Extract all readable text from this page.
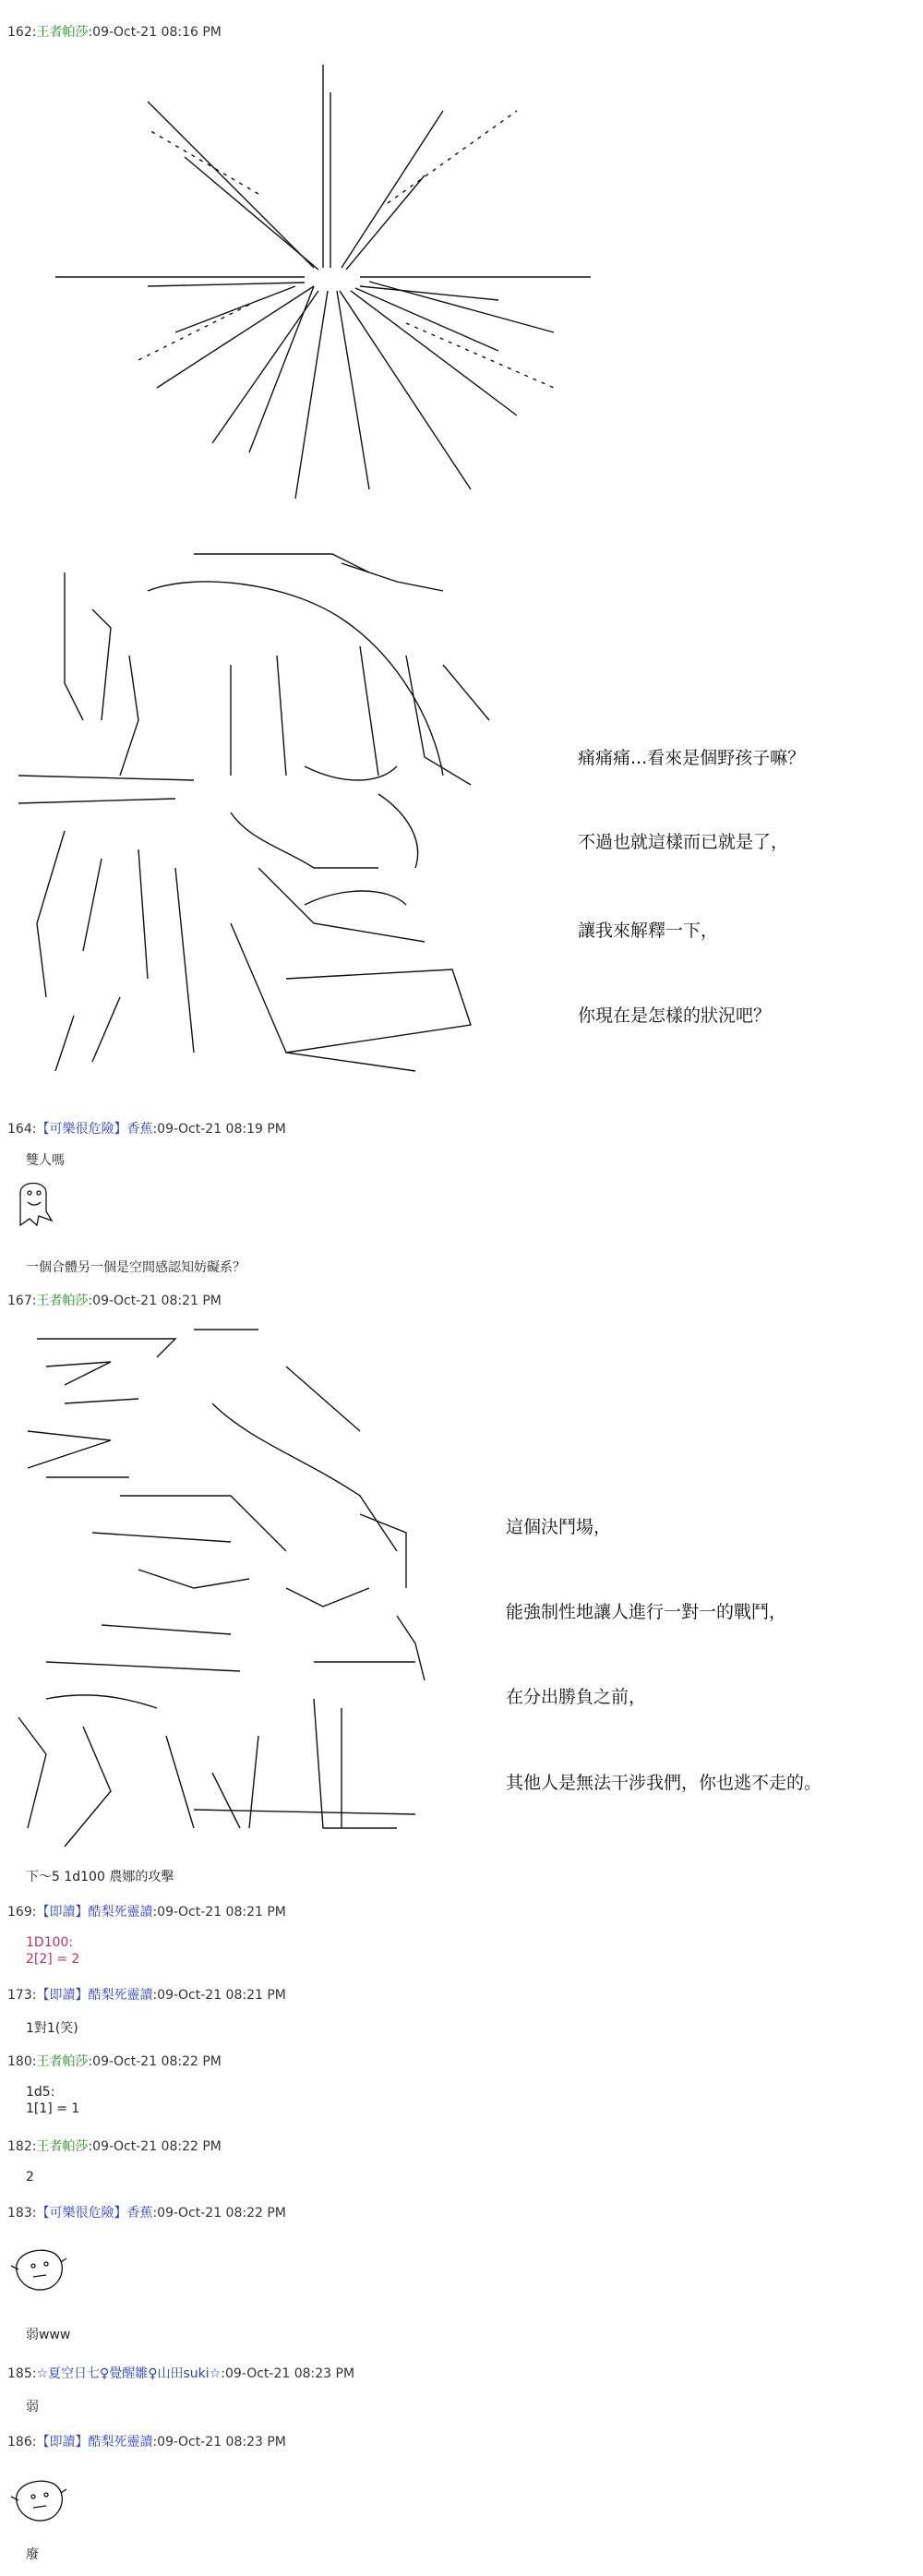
162:王者帕莎:09-Oct-21 08:16 PM
痛痛痛...看來是個野孩子嘛？
不過也就這樣而已就是了，
讓我來解釋一下，
你現在是怎樣的狀況吧？
164:【可樂很危險】香蕉:09-Oct-21 08:19 PM
雙人嗎
一個合體另一個是空間感認知妨礙系？
167:王者帕莎:09-Oct-21 08:21 PM
這個決鬥場，
能強制性地讓人進行一對一的戰鬥，
在分出勝負之前，
其他人是無法干涉我們，你也逃不走的。
下～5 1d100 農娜的攻擊
169:【即讀】酷梨死靈讀:09-Oct-21 08:21 PM
1D100:
2[2] = 2
173:【即讀】酷梨死靈讀:09-Oct-21 08:21 PM
1對1(笑)
180:王者帕莎:09-Oct-21 08:22 PM
1d5:
1[1] = 1
182:王者帕莎:09-Oct-21 08:22 PM
2
183:【可樂很危險】香蕉:09-Oct-21 08:22 PM
弱www
185:☆夏空日七♀覺醒雛♀山田suki☆:09-Oct-21 08:23 PM
弱
186:【即讀】酷梨死靈讀:09-Oct-21 08:23 PM
廢
